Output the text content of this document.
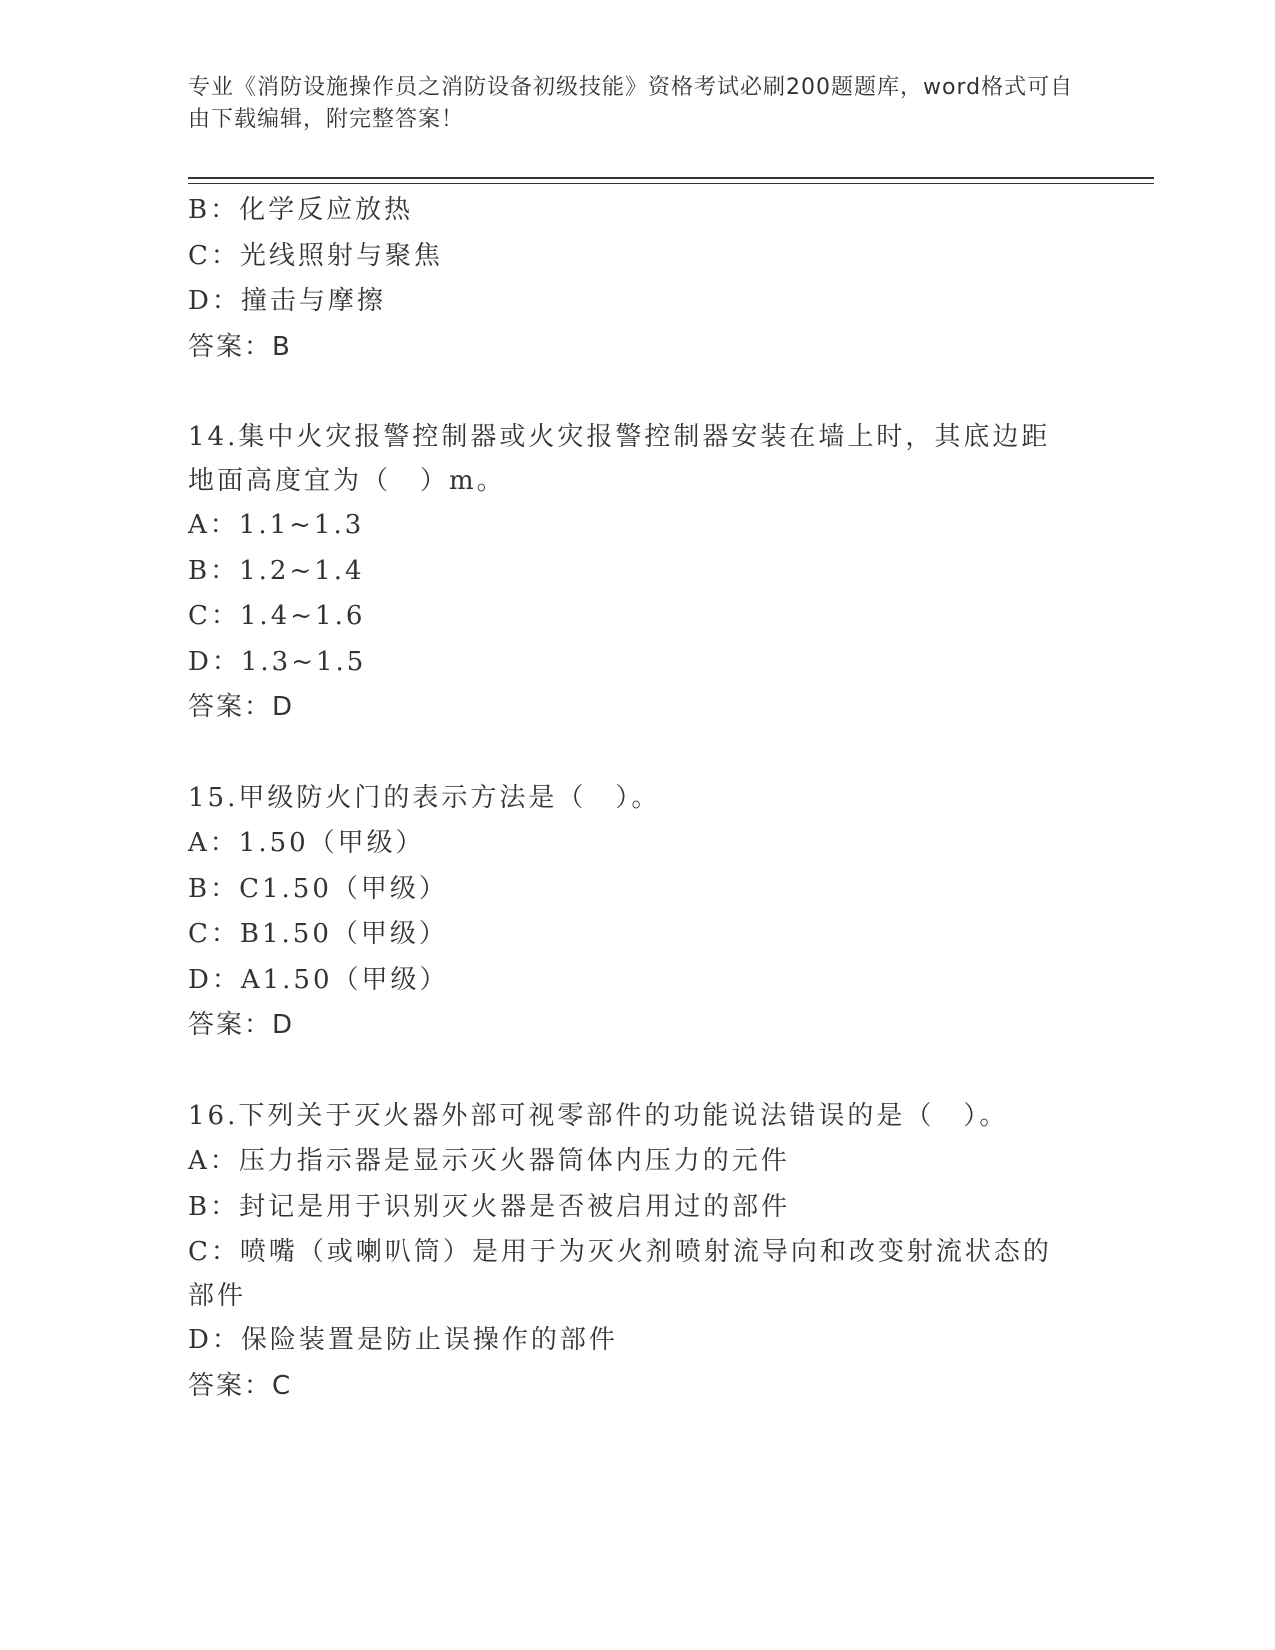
专业《消防设施操作员之消防设备初级技能》资格考试必刷200题题库，word格式可自由下载编辑，附完整答案！
B：化学反应放热
C：光线照射与聚焦
D：撞击与摩擦
答案：B
14.集中火灾报警控制器或火灾报警控制器安装在墙上时，其底边距地面高度宜为（　）m。
A：1.1~1.3
B：1.2~1.4
C：1.4~1.6
D：1.3~1.5
答案：D
15.甲级防火门的表示方法是（　）。
A：1.50（甲级）
B：C1.50（甲级）
C：B1.50（甲级）
D：A1.50（甲级）
答案：D
16.下列关于灭火器外部可视零部件的功能说法错误的是（　）。
A：压力指示器是显示灭火器筒体内压力的元件
B：封记是用于识别灭火器是否被启用过的部件
C：喷嘴（或喇叭筒）是用于为灭火剂喷射流导向和改变射流状态的部件
D：保险装置是防止误操作的部件
答案：C
